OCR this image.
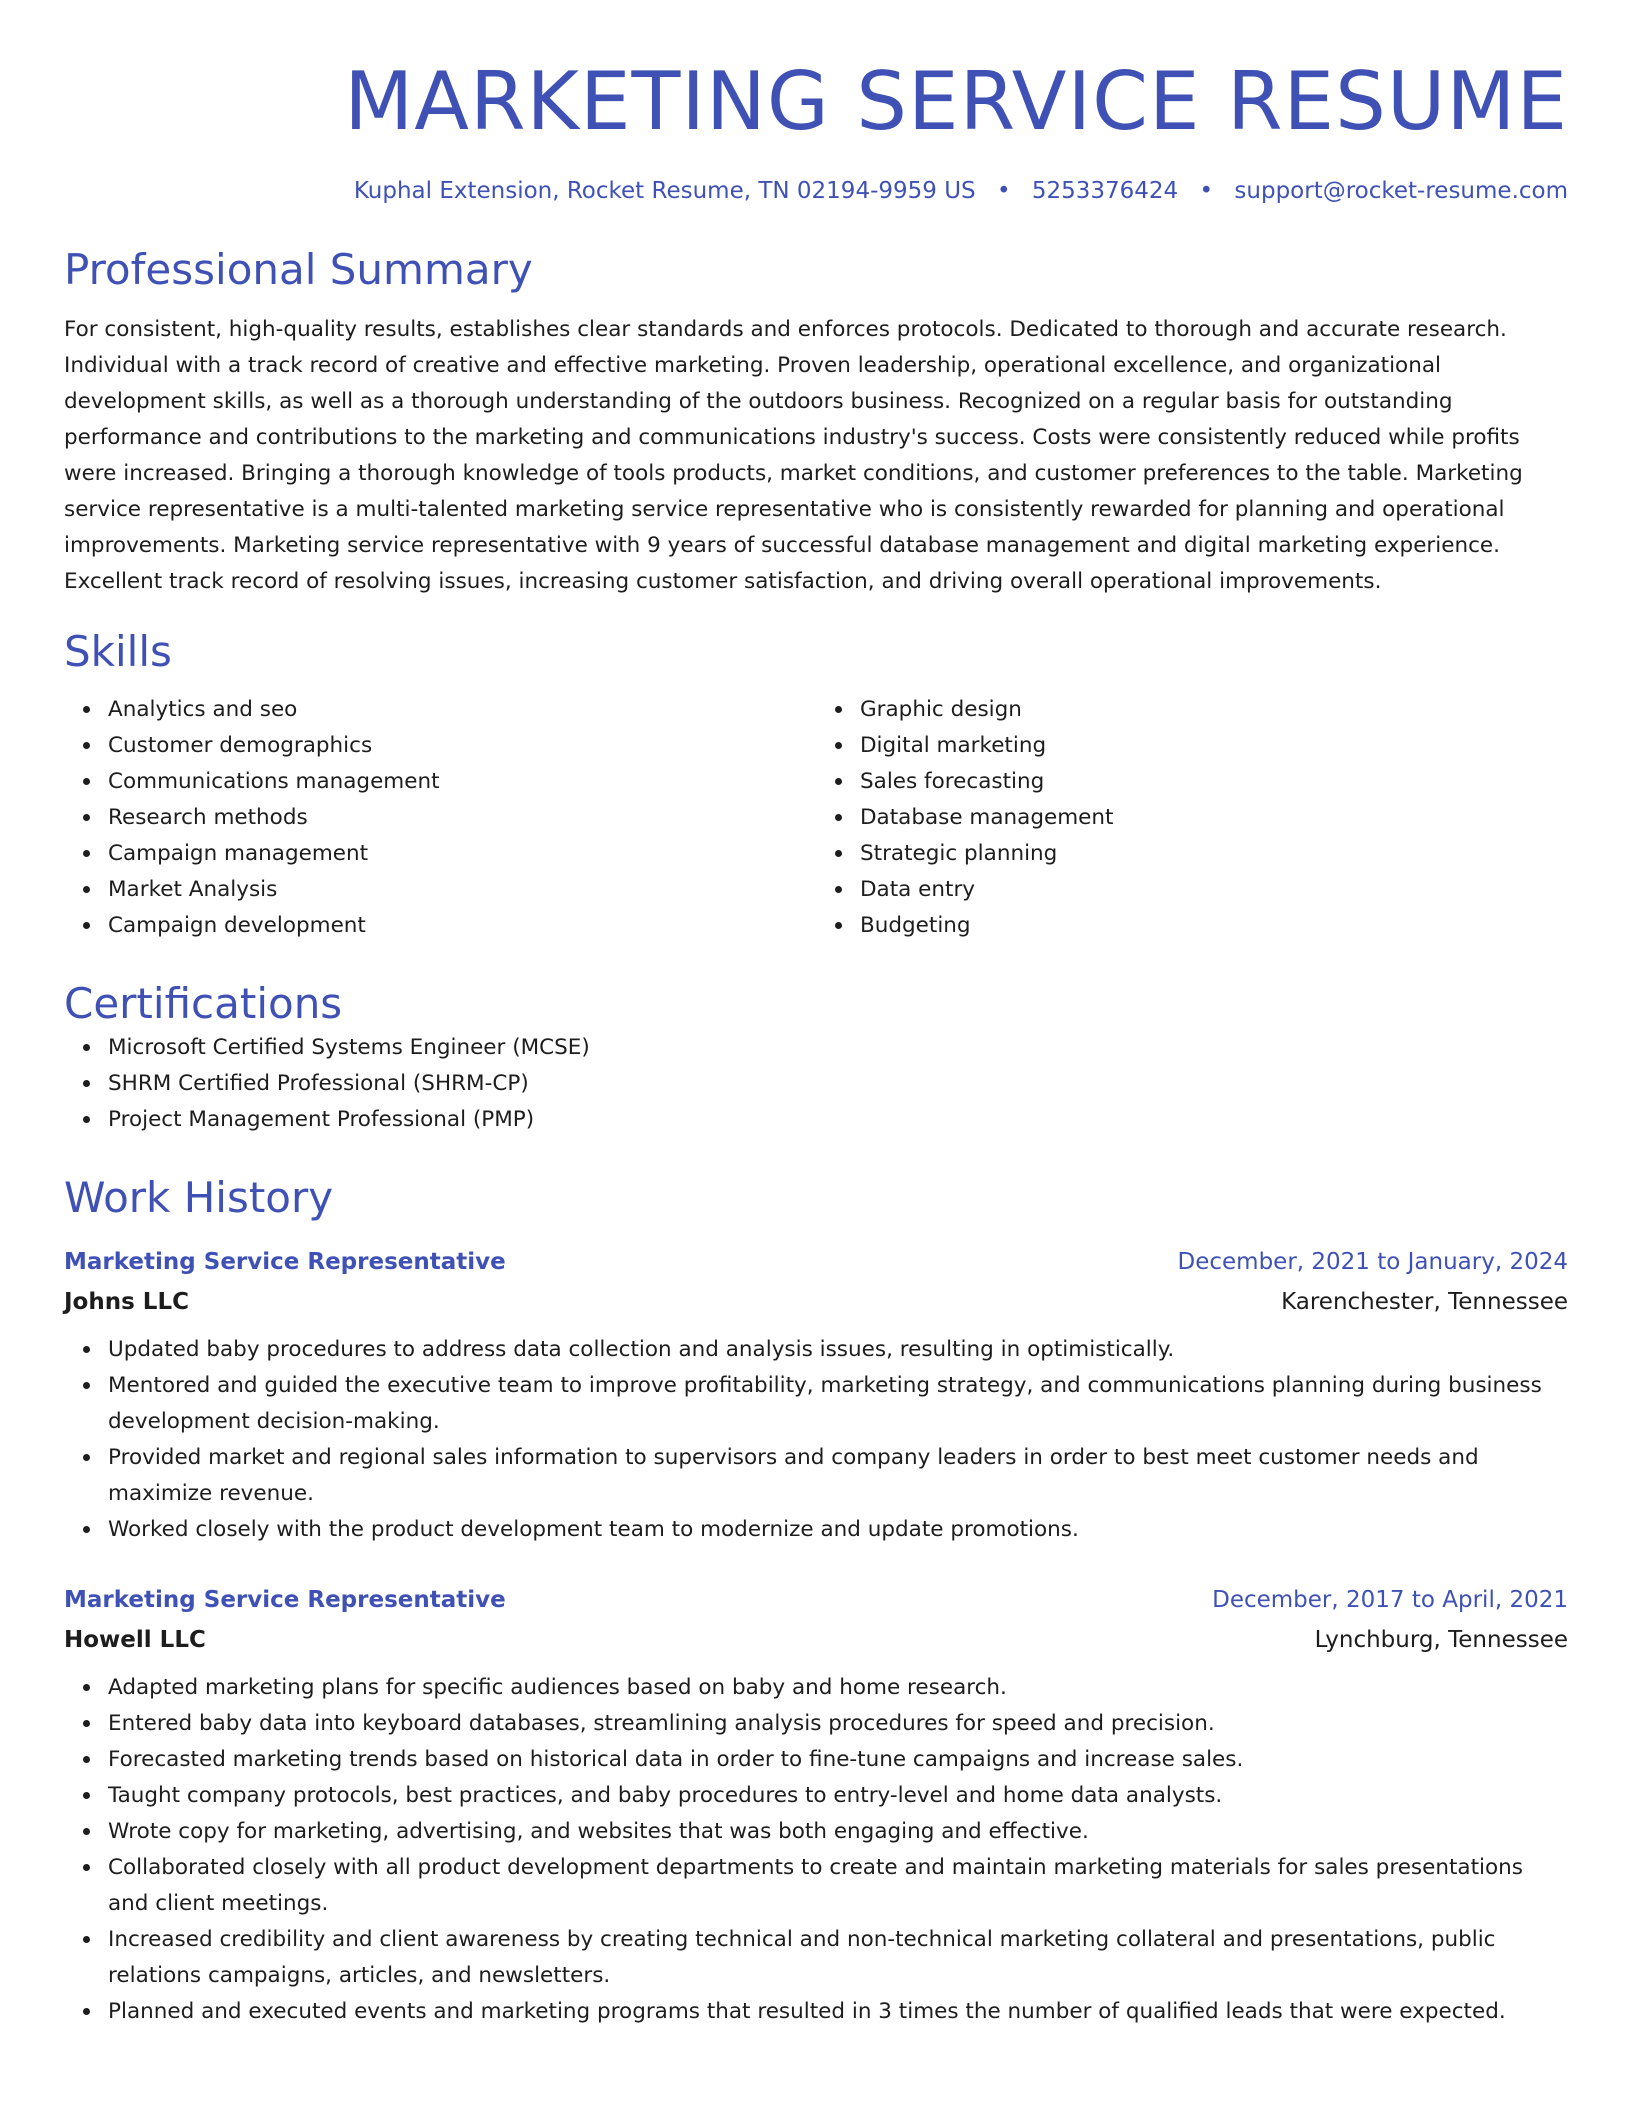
MARKETING SERVICE RESUME
Kuphal Extension, Rocket Resume, TN 02194-9959 US • 5253376424 • support@rocket-resume.com
Professional Summary

For consistent, high-quality results, establishes clear standards and enforces protocols. Dedicated to thorough and accurate research. Individual with a track record of creative and effective marketing. Proven leadership, operational excellence, and organizational development skills, as well as a thorough understanding of the outdoors business. Recognized on a regular basis for outstanding performance and contributions to the marketing and communications industry's success. Costs were consistently reduced while profits were increased. Bringing a thorough knowledge of tools products, market conditions, and customer preferences to the table. Marketing service representative is a multi-talented marketing service representative who is consistently rewarded for planning and operational improvements. Marketing service representative with 9 years of successful database management and digital marketing experience. Excellent track record of resolving issues, increasing customer satisfaction, and driving overall operational improvements.

Skills
Analytics and seo
Customer demographics
Communications management
Research methods
Campaign management
Market Analysis
Campaign development
Graphic design
Digital marketing
Sales forecasting
Database management
Strategic planning
Data entry
Budgeting
Certifications
Microsoft Certified Systems Engineer (MCSE)
SHRM Certified Professional (SHRM-CP)
Project Management Professional (PMP)
Work History
Marketing Service Representative	December, 2021 to January, 2024
Johns LLC	Karenchester, Tennessee
Updated baby procedures to address data collection and analysis issues, resulting in optimistically.
Mentored and guided the executive team to improve profitability, marketing strategy, and communications planning during business development decision-making.
Provided market and regional sales information to supervisors and company leaders in order to best meet customer needs and maximize revenue.
Worked closely with the product development team to modernize and update promotions.
Marketing Service Representative	December, 2017 to April, 2021
Howell LLC	Lynchburg, Tennessee
Adapted marketing plans for specific audiences based on baby and home research.
Entered baby data into keyboard databases, streamlining analysis procedures for speed and precision.
Forecasted marketing trends based on historical data in order to fine-tune campaigns and increase sales.
Taught company protocols, best practices, and baby procedures to entry-level and home data analysts.
Wrote copy for marketing, advertising, and websites that was both engaging and effective.
Collaborated closely with all product development departments to create and maintain marketing materials for sales presentations and client meetings.
Increased credibility and client awareness by creating technical and non-technical marketing collateral and presentations, public relations campaigns, articles, and newsletters.
Planned and executed events and marketing programs that resulted in 3 times the number of qualified leads that were expected.
